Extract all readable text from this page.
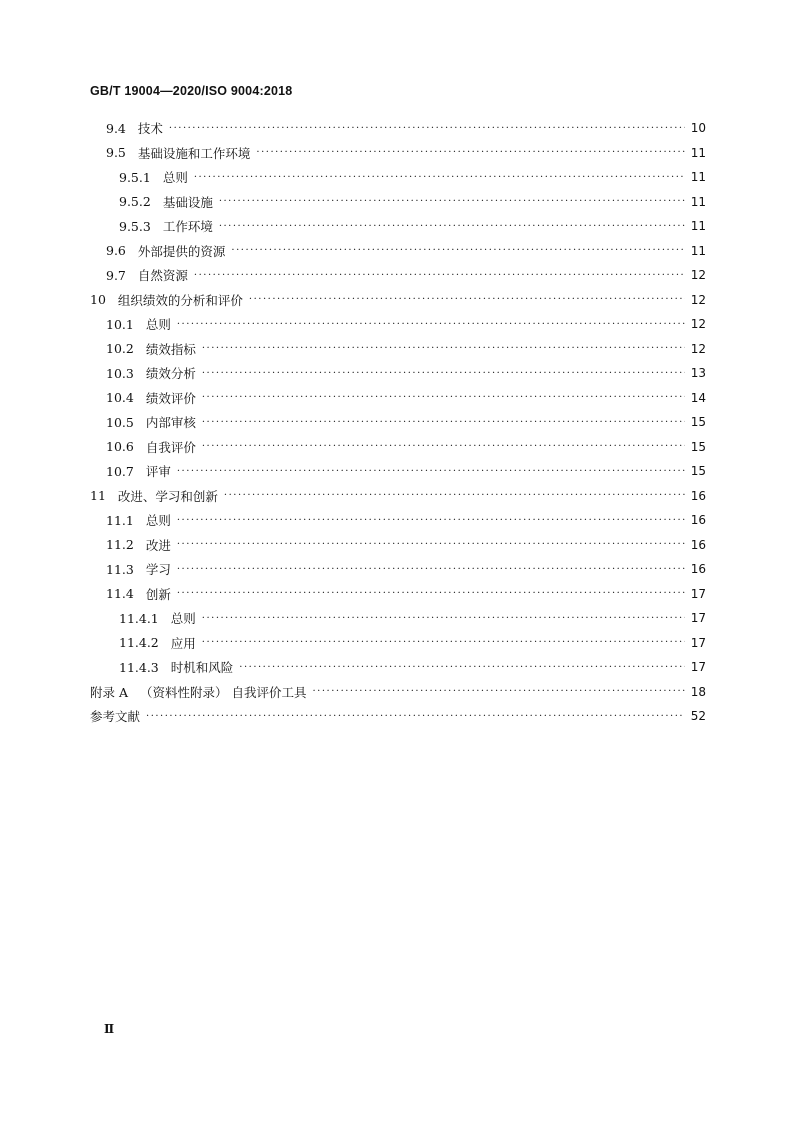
GB/T 19004—2020/ISO 9004:2018
9.4 技术 ·····	10
9.5 基础设施和工作环境 ·····	11
9.5.1 总则 ·····	11
9.5.2 基础设施 ·····	11
9.5.3 工作环境 ·····	11
9.6 外部提供的资源 ·····	11
9.7 自然资源 ·····	12
10 组织绩效的分析和评价 ·····	12
10.1 总则 ·····	12
10.2 绩效指标 ·····	12
10.3 绩效分析 ·····	13
10.4 绩效评价 ·····	14
10.5 内部审核 ·····	15
10.6 自我评价 ·····	15
10.7 评审 ·····	15
11 改进、学习和创新 ·····	16
11.1 总则 ·····	16
11.2 改进 ·····	16
11.3 学习 ·····	16
11.4 创新 ·····	17
11.4.1 总则 ·····	17
11.4.2 应用 ·····	17
11.4.3 时机和风险 ·····	17
附录 A （资料性附录） 自我评价工具 ·····	18
参考文献 ·····	52
Ⅱ
